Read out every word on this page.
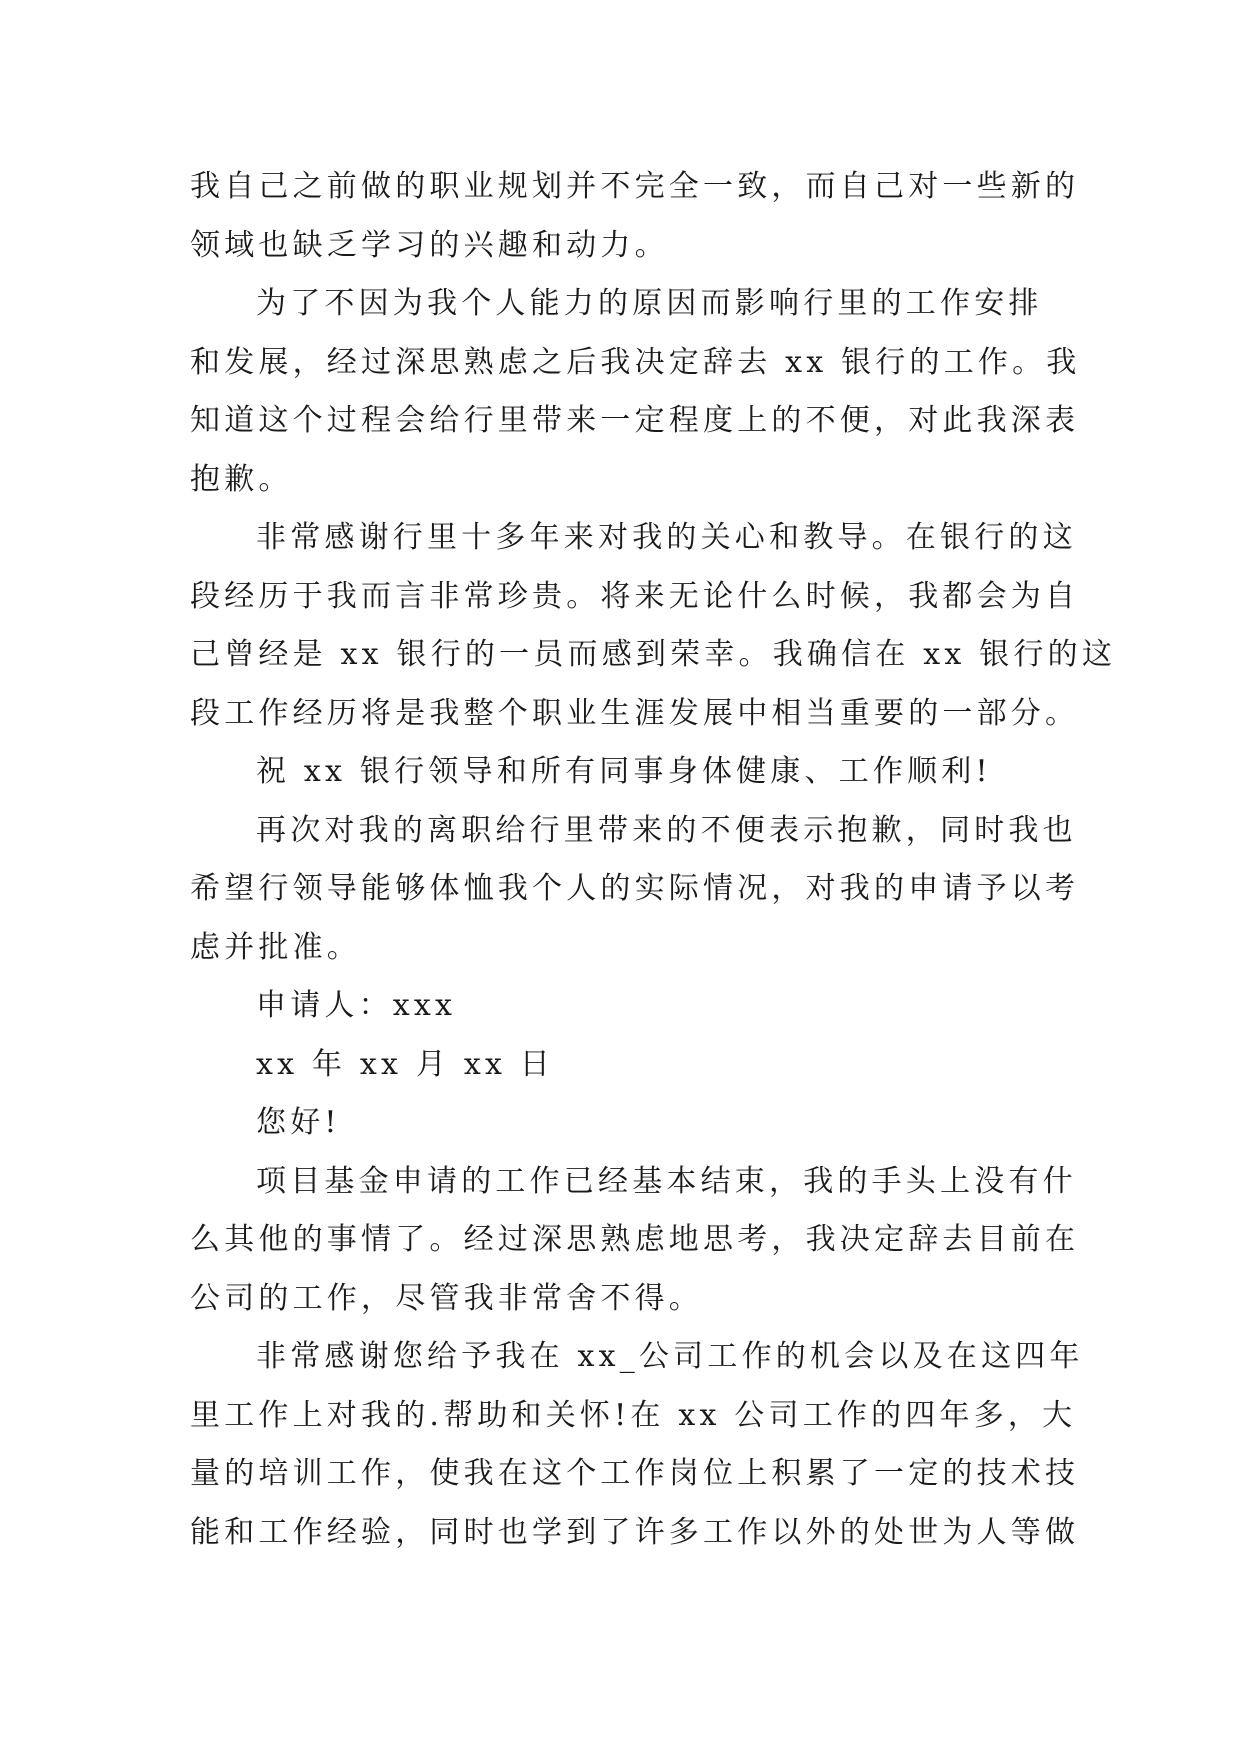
我自己之前做的职业规划并不完全一致，而自己对一些新的
领域也缺乏学习的兴趣和动力。
为了不因为我个人能力的原因而影响行里的工作安排
和发展，经过深思熟虑之后我决定辞去 xx 银行的工作。我
知道这个过程会给行里带来一定程度上的不便，对此我深表
抱歉。
非常感谢行里十多年来对我的关心和教导。在银行的这
段经历于我而言非常珍贵。将来无论什么时候，我都会为自
己曾经是 xx 银行的一员而感到荣幸。我确信在 xx 银行的这
段工作经历将是我整个职业生涯发展中相当重要的一部分。
祝 xx 银行领导和所有同事身体健康、工作顺利!
再次对我的离职给行里带来的不便表示抱歉，同时我也
希望行领导能够体恤我个人的实际情况，对我的申请予以考
虑并批准。
申请人：xxx
xx 年 xx 月 xx 日
您好!
项目基金申请的工作已经基本结束，我的手头上没有什
么其他的事情了。经过深思熟虑地思考，我决定辞去目前在
公司的工作，尽管我非常舍不得。
非常感谢您给予我在 xx_公司工作的机会以及在这四年
里工作上对我的.帮助和关怀!在 xx 公司工作的四年多，大
量的培训工作，使我在这个工作岗位上积累了一定的技术技
能和工作经验，同时也学到了许多工作以外的处世为人等做
